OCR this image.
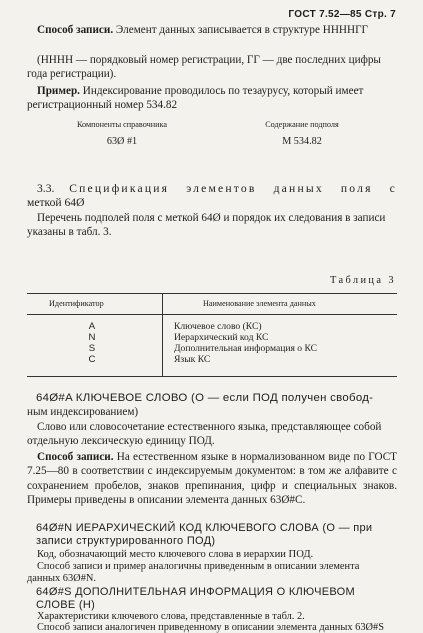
ГОСТ 7.52—85 Стр. 7

Способ записи. Элемент данных записывается в структуре ННННГГ

(НННН — порядковый номер регистрации, ГГ — две последних цифры года регистрации).

Пример. Индексирование проводилось по тезаурусу, который имеет регистрационный номер 534.82

Компоненты справочника	Содержание подполя
63Ø #1	М 534.82

3.3. Спецификация элементов данных поля с

меткой 64Ø

Перечень подполей поля с меткой 64Ø и порядок их следования в записи указаны в табл. 3.

Таблица 3
Идентификатор	Наименование элемента данных
A	Ключевое слово (КС)
N	Иерархический код КС
S	Дополнительная информация о КС
C	Язык КС

64Ø#A КЛЮЧЕВОЕ СЛОВО (О — если ПОД получен свобод-

ным индексированием)

Слово или словосочетание естественного языка, представляющее собой отдельную лексическую единицу ПОД.

Способ записи. На естественном языке в нормализованном виде по ГОСТ 7.25—80 в соответствии с индексируемым документом: в том же алфавите с сохранением пробелов, знаков препинания, цифр и специальных знаков. Примеры приведены в описании элемента данных 63Ø#C.

64Ø#N ИЕРАРХИЧЕСКИЙ КОД КЛЮЧЕВОГО СЛОВА (О — при записи структурированного ПОД)

Код, обозначающий место ключевого слова в иерархии ПОД.

Способ записи и пример аналогичны приведенным в описании элемента данных 63Ø#N.

64Ø#S ДОПОЛНИТЕЛЬНАЯ ИНФОРМАЦИЯ О КЛЮЧЕВОМ СЛОВЕ (Н)

Характеристики ключевого слова, представленные в табл. 2.

Способ записи аналогичен приведенному в описании элемента данных 63Ø#S
